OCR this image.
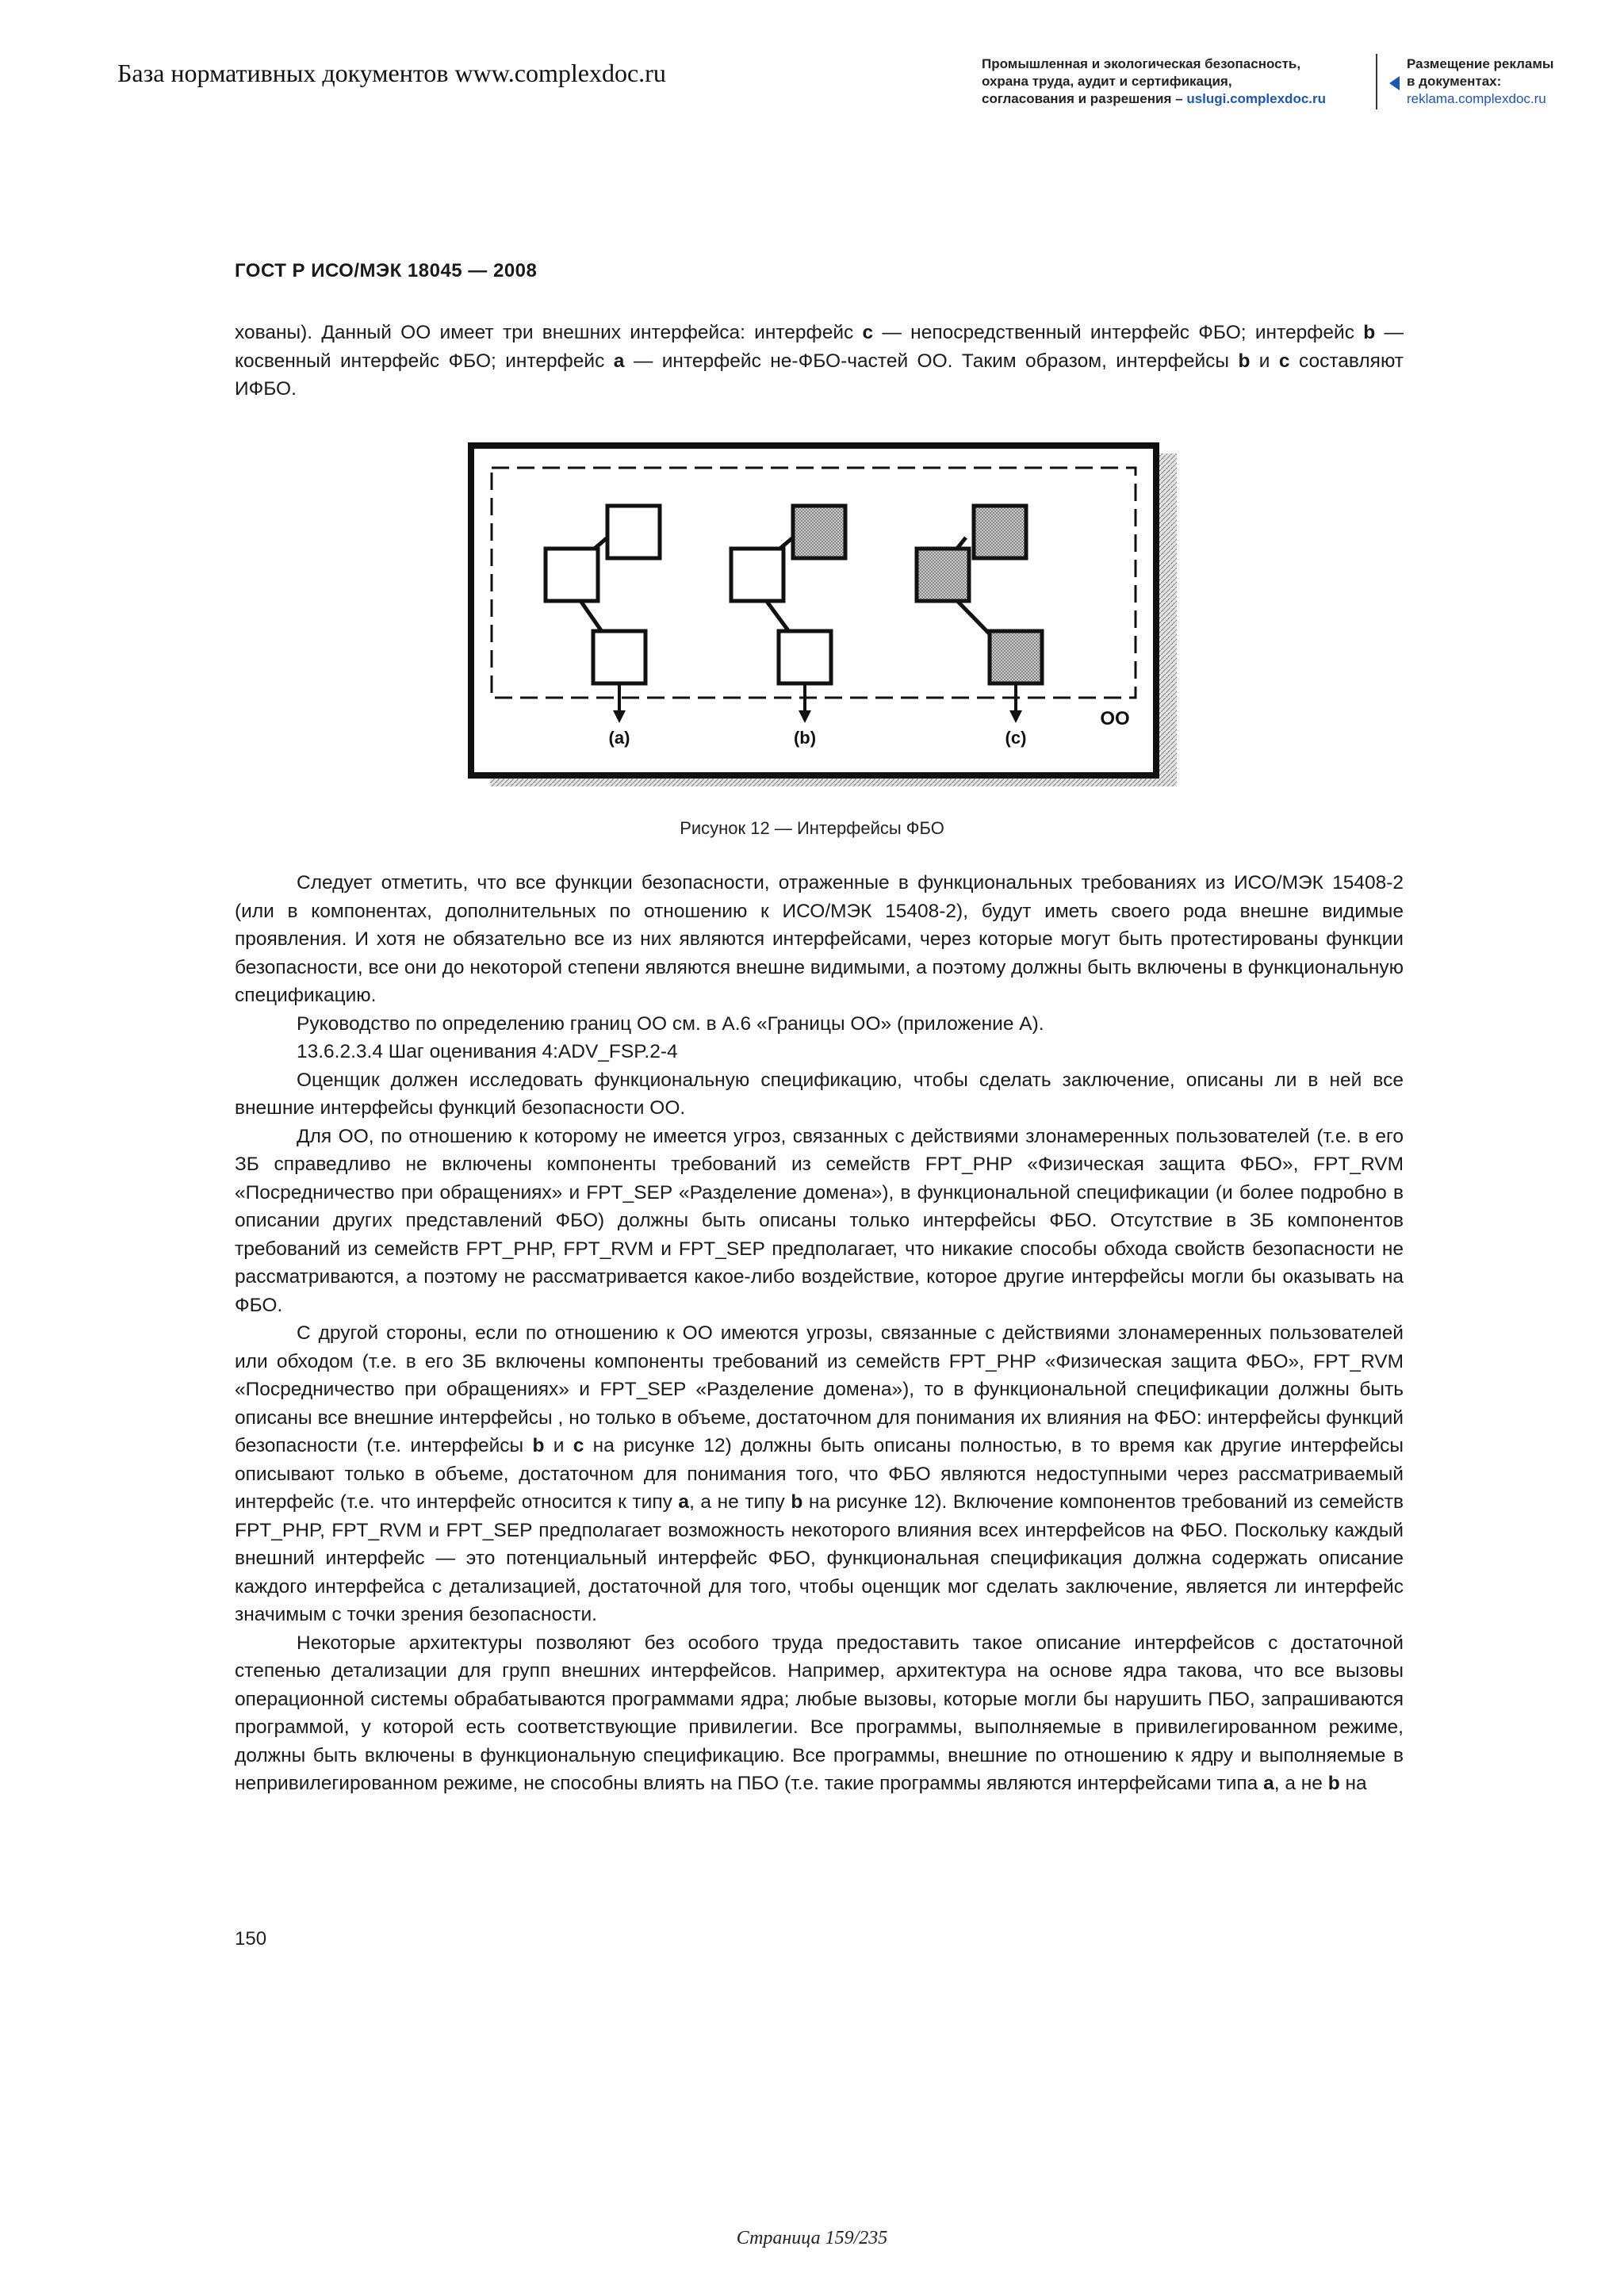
База нормативных документов www.complexdoc.ru	Промышленная и экологическая безопасность,
охрана труда, аудит и сертификация,
согласования и разрешения – uslugi.complexdoc.ru
Размещение рекламы
в документах:
reklama.complexdoc.ru
ГОСТ Р ИСО/МЭК 18045 — 2008
хованы). Данный ОО имеет три внешних интерфейса: интерфейс с — непосредственный интерфейс ФБО; интерфейс b — косвенный интерфейс ФБО; интерфейс а — интерфейс не-ФБО-частей ОО. Таким образом, интерфейсы b и с составляют ИФБО.
(a)	(b)	(c)
ОО
Рисунок 12 — Интерфейсы ФБО

Следует отметить, что все функции безопасности, отраженные в функциональных требованиях из ИСО/МЭК 15408-2 (или в компонентах, дополнительных по отношению к ИСО/МЭК 15408-2), будут иметь своего рода внешне видимые проявления. И хотя не обязательно все из них являются интерфейсами, через которые могут быть протестированы функции безопасности, все они до некоторой степени являются внешне видимыми, а поэтому должны быть включены в функциональную спецификацию.

Руководство по определению границ ОО см. в А.6 «Границы ОО» (приложение А).

13.6.2.3.4 Шаг оценивания 4:ADV_FSP.2-4

Оценщик должен исследовать функциональную спецификацию, чтобы сделать заключение, описаны ли в ней все внешние интерфейсы функций безопасности ОО.

Для ОО, по отношению к которому не имеется угроз, связанных с действиями злонамеренных пользователей (т.е. в его ЗБ справедливо не включены компоненты требований из семейств FPT_PHP «Физическая защита ФБО», FPT_RVM «Посредничество при обращениях» и FPT_SEP «Разделение домена»), в функциональной спецификации (и более подробно в описании других представлений ФБО) должны быть описаны только интерфейсы ФБО. Отсутствие в ЗБ компонентов требований из семейств FPT_PHP, FPT_RVM и FPT_SEP предполагает, что никакие способы обхода свойств безопасности не рассматриваются, а поэтому не рассматривается какое-либо воздействие, которое другие интерфейсы могли бы оказывать на ФБО.

С другой стороны, если по отношению к ОО имеются угрозы, связанные с действиями злонамеренных пользователей или обходом (т.е. в его ЗБ включены компоненты требований из семейств FPT_PHP «Физическая защита ФБО», FPT_RVM «Посредничество при обращениях» и FPT_SEP «Разделение домена»), то в функциональной спецификации должны быть описаны все внешние интерфейсы , но только в объеме, достаточном для понимания их влияния на ФБО: интерфейсы функций безопасности (т.е. интерфейсы b и с на рисунке 12) должны быть описаны полностью, в то время как другие интерфейсы описывают только в объеме, достаточном для понимания того, что ФБО являются недоступными через рассматриваемый интерфейс (т.е. что интерфейс относится к типу а, а не типу b на рисунке 12). Включение компонентов требований из семейств FPT_PHP, FPT_RVM и FPT_SEP предполагает возможность некоторого влияния всех интерфейсов на ФБО. Поскольку каждый внешний интерфейс — это потенциальный интерфейс ФБО, функциональная спецификация должна содержать описание каждого интерфейса с детализацией, достаточной для того, чтобы оценщик мог сделать заключение, является ли интерфейс значимым с точки зрения безопасности.

Некоторые архитектуры позволяют без особого труда предоставить такое описание интерфейсов с достаточной степенью детализации для групп внешних интерфейсов. Например, архитектура на основе ядра такова, что все вызовы операционной системы обрабатываются программами ядра; любые вызовы, которые могли бы нарушить ПБО, запрашиваются программой, у которой есть соответствующие привилегии. Все программы, выполняемые в привилегированном режиме, должны быть включены в функциональную спецификацию. Все программы, внешние по отношению к ядру и выполняемые в непривилегированном режиме, не способны влиять на ПБО (т.е. такие программы являются интерфейсами типа а, а не b на

150
Страница 159/235
